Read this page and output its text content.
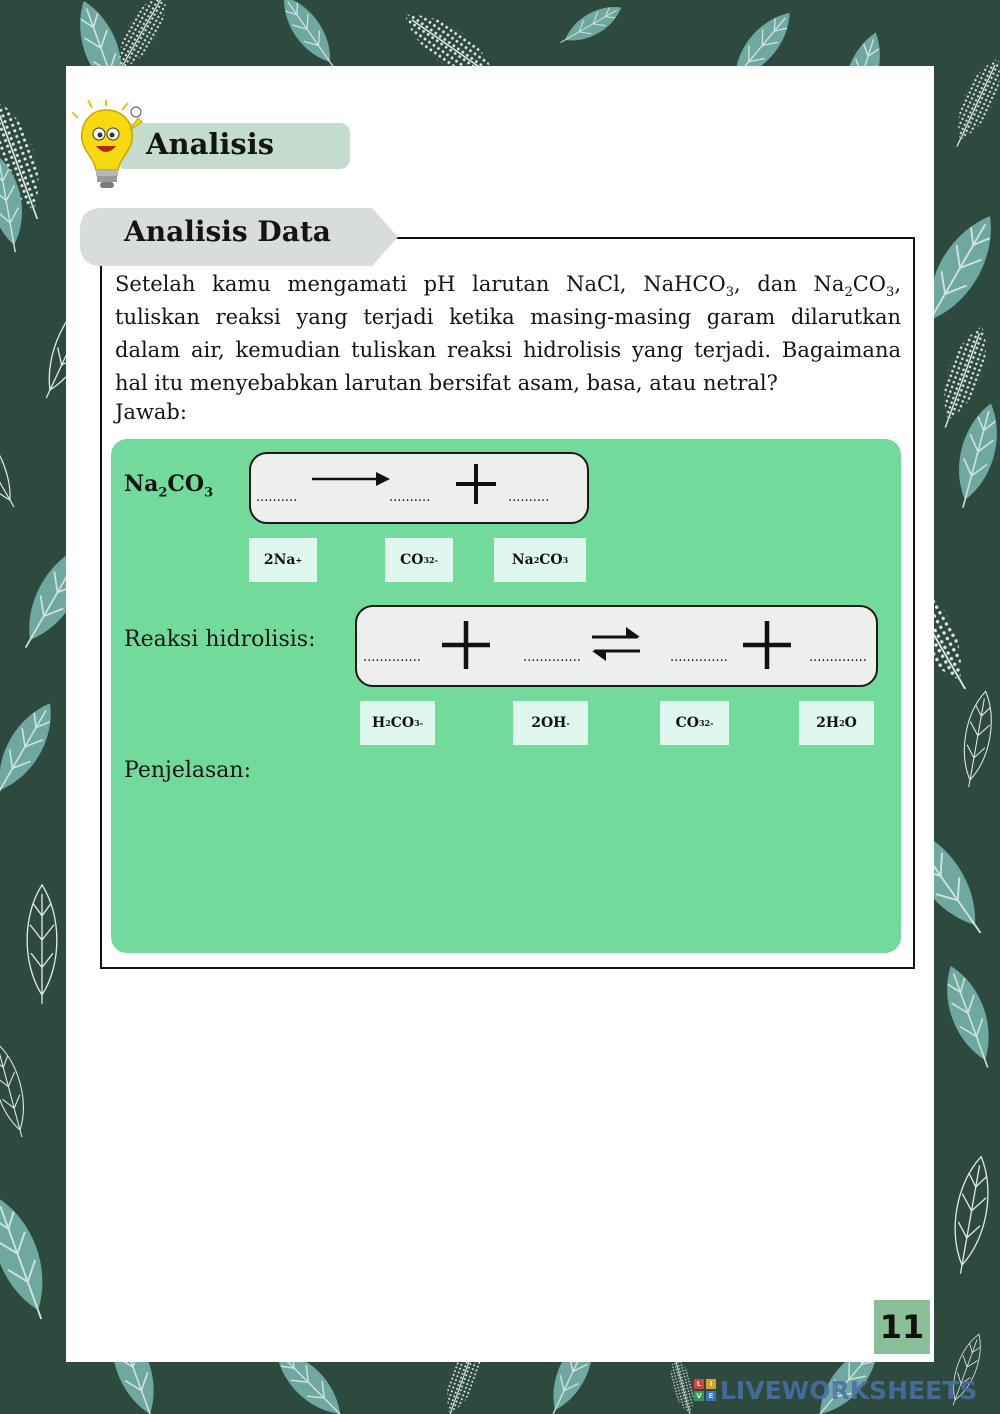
Analisis
Analisis Data
Setelah kamu mengamati pH larutan NaCl, NaHCO$_3$, dan $Na_2CO_3$, tuliskan reaksi yang terjadi ketika masing-masing garam dilarutkan dalam air, kemudian tuliskan reaksi hidrolisis yang terjadi. Bagaimana hal itu menyebabkan larutan bersifat asam, basa, atau netral?
Jawab:
$Na_2CO_3$	..........	..........	..........
2Na +	CO 3 2-	Na 2 CO 3
Reaksi hidrolisis:
..............	.............. ⇌ ..............	..............
H 2 CO 3 -	2OH -	CO 3 2-	2H 2 O
Penjelasan:
11
L	I
V E LIVEWORKSHEETS
